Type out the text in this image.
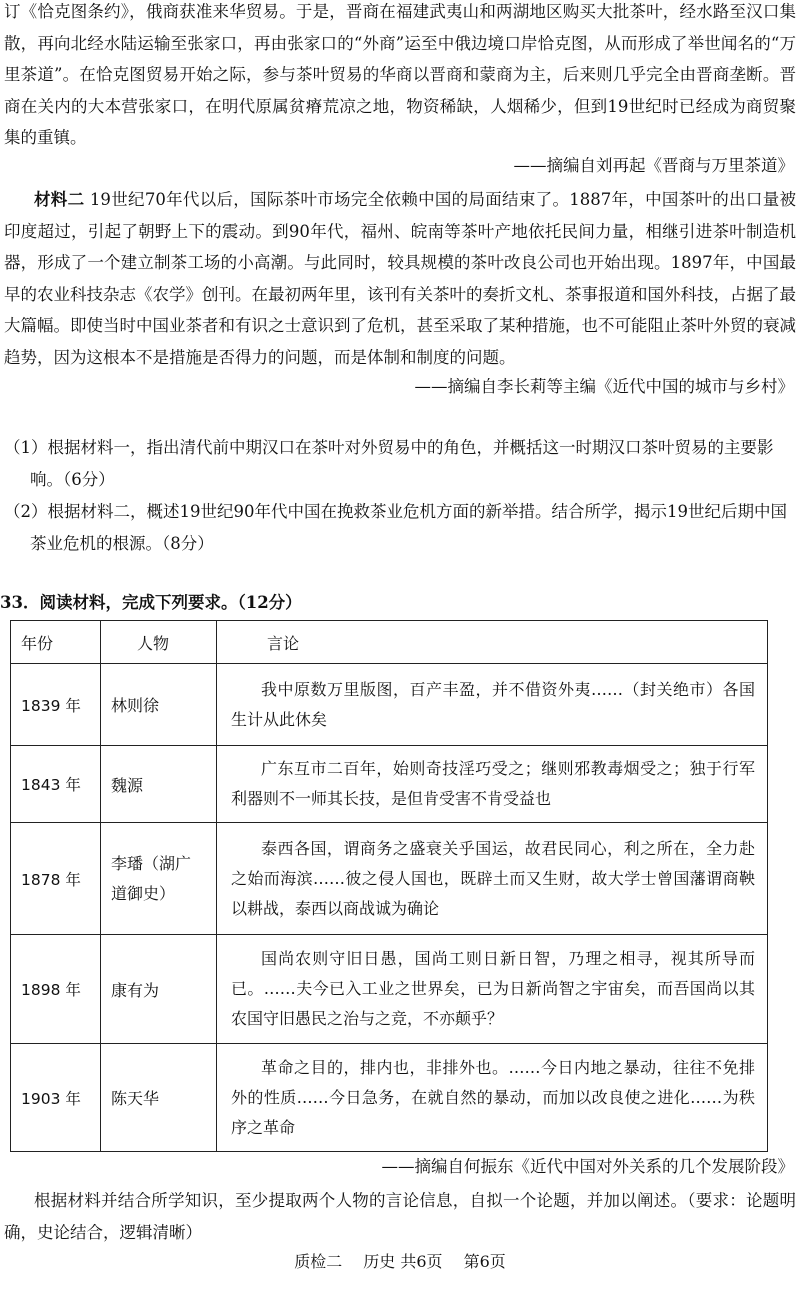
订《恰克图条约》，俄商获准来华贸易。于是，晋商在福建武夷山和两湖地区购买大批茶叶，经水路至汉口集散，再向北经水陆运输至张家口，再由张家口的“外商”运至中俄边境口岸恰克图，从而形成了举世闻名的“万里茶道”。在恰克图贸易开始之际，参与茶叶贸易的华商以晋商和蒙商为主，后来则几乎完全由晋商垄断。晋商在关内的大本营张家口，在明代原属贫瘠荒凉之地，物资稀缺，人烟稀少，但到19世纪时已经成为商贸聚集的重镇。

——摘编自刘再起《晋商与万里茶道》

材料二 19世纪70年代以后，国际茶叶市场完全依赖中国的局面结束了。1887年，中国茶叶的出口量被印度超过，引起了朝野上下的震动。到90年代，福州、皖南等茶叶产地依托民间力量，相继引进茶叶制造机器，形成了一个建立制茶工场的小高潮。与此同时，较具规模的茶叶改良公司也开始出现。1897年，中国最早的农业科技杂志《农学》创刊。在最初两年里，该刊有关茶叶的奏折文札、茶事报道和国外科技，占据了最大篇幅。即使当时中国业茶者和有识之士意识到了危机，甚至采取了某种措施，也不可能阻止茶叶外贸的衰减趋势，因为这根本不是措施是否得力的问题，而是体制和制度的问题。

——摘编自李长莉等主编《近代中国的城市与乡村》
（1）根据材料一，指出清代前中期汉口在茶叶对外贸易中的角色，并概括这一时期汉口茶叶贸易的主要影响。（6分）
（2）根据材料二，概述19世纪90年代中国在挽救茶业危机方面的新举措。结合所学，揭示19世纪后期中国茶业危机的根源。（8分）
33．阅读材料，完成下列要求。（12分）
年份	人物	言论
1839 年	林则徐	我中原数万里版图，百产丰盈，并不借资外夷……（封关绝市）各国生计从此休矣
1843 年	魏源	广东互市二百年，始则奇技淫巧受之；继则邪教毒烟受之；独于行军利器则不一师其长技，是但肯受害不肯受益也
1878 年	李璠（湖广道御史）	泰西各国，谓商务之盛衰关乎国运，故君民同心，利之所在，全力赴之始而海滨……彼之侵人国也，既辟土而又生财，故大学士曾国藩谓商鞅以耕战，泰西以商战诚为确论
1898 年	康有为	国尚农则守旧日愚，国尚工则日新日智，乃理之相寻，视其所导而已。……夫今已入工业之世界矣，已为日新尚智之宇宙矣，而吾国尚以其农国守旧愚民之治与之竞，不亦颠乎？
1903 年	陈天华	革命之目的，排内也，非排外也。……今日内地之暴动，往往不免排外的性质……今日急务，在就自然的暴动，而加以改良使之进化……为秩序之革命
——摘编自何振东《近代中国对外关系的几个发展阶段》

根据材料并结合所学知识，至少提取两个人物的言论信息，自拟一个论题，并加以阐述。（要求：论题明确，史论结合，逻辑清晰）

质检二　 历史 共6页　 第6页
